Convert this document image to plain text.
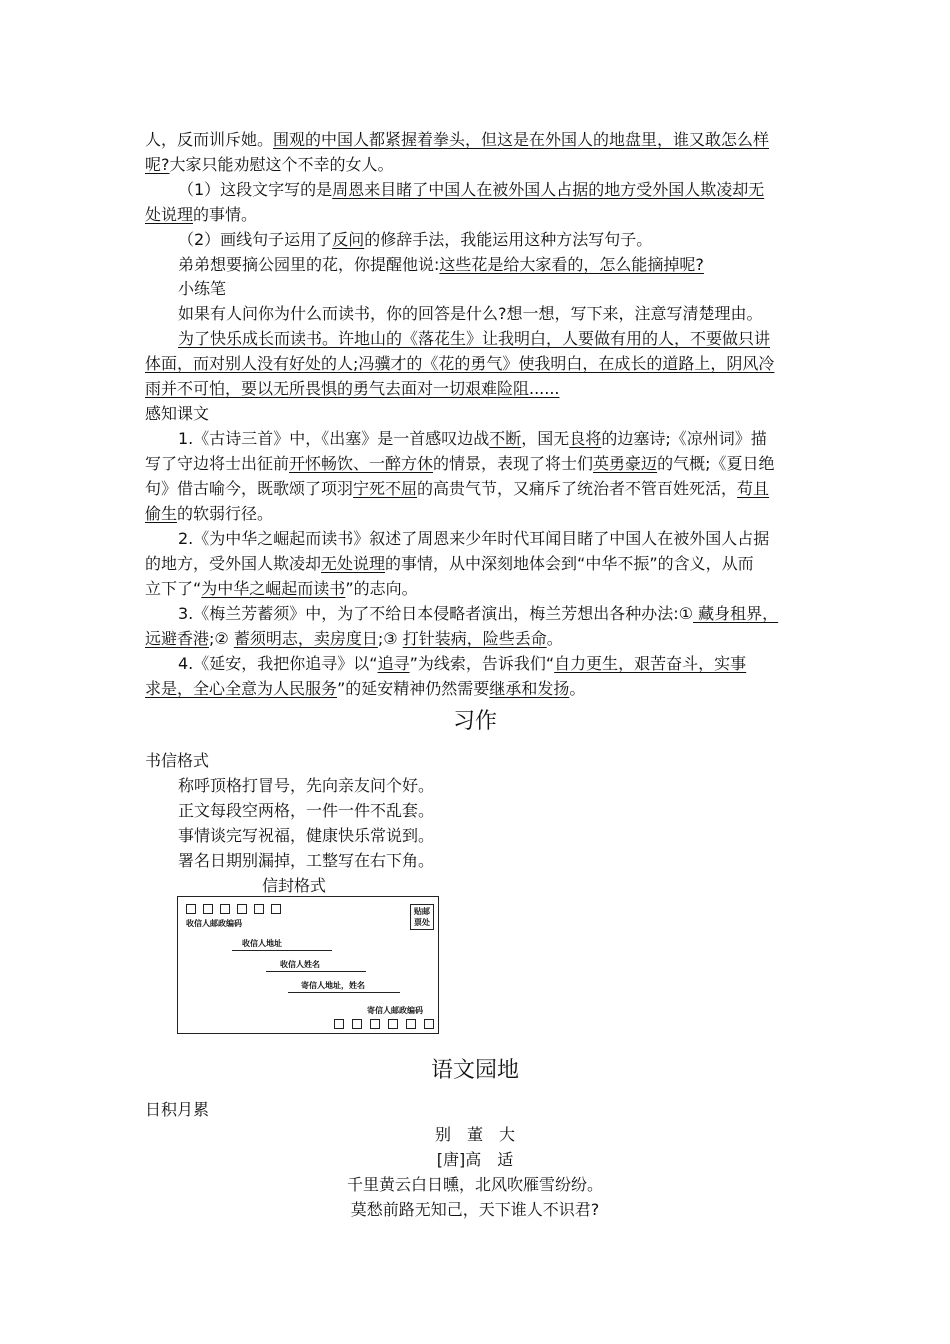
人，反而训斥她。围观的中国人都紧握着拳头，但这是在外国人的地盘里，谁又敢怎么样
呢?大家只能劝慰这个不幸的女人。
（1）这段文字写的是周恩来目睹了中国人在被外国人占据的地方受外国人欺凌却无
处说理的事情。
（2）画线句子运用了反问的修辞手法，我能运用这种方法写句子。
弟弟想要摘公园里的花，你提醒他说:这些花是给大家看的，怎么能摘掉呢?
小练笔
如果有人问你为什么而读书，你的回答是什么?想一想，写下来，注意写清楚理由。
为了快乐成长而读书。许地山的《落花生》让我明白，人要做有用的人，不要做只讲
体面，而对别人没有好处的人;冯骥才的《花的勇气》使我明白，在成长的道路上，阴风冷
雨并不可怕，要以无所畏惧的勇气去面对一切艰难险阻......
感知课文
1.《古诗三首》中，《出塞》是一首感叹边战不断，国无良将的边塞诗;《凉州词》描
写了守边将士出征前开怀畅饮、一醉方休的情景，表现了将士们英勇豪迈的气概;《夏日绝
句》借古喻今，既歌颂了项羽宁死不屈的高贵气节，又痛斥了统治者不管百姓死活，苟且
偷生的软弱行径。
2.《为中华之崛起而读书》叙述了周恩来少年时代耳闻目睹了中国人在被外国人占据
的地方，受外国人欺凌却无处说理的事情，从中深刻地体会到“中华不振”的含义，从而
立下了“为中华之崛起而读书”的志向。
3.《梅兰芳蓄须》中，为了不给日本侵略者演出，梅兰芳想出各种办法:① 藏身租界，
远避香港;② 蓄须明志，卖房度日;③ 打针装病，险些丢命。
4.《延安，我把你追寻》以“追寻”为线索，告诉我们“自力更生，艰苦奋斗，实事
求是，全心全意为人民服务”的延安精神仍然需要继承和发扬。
习作
书信格式
称呼顶格打冒号，先向亲友问个好。
正文每段空两格，一件一件不乱套。
事情谈完写祝福，健康快乐常说到。
署名日期别漏掉，工整写在右下角。
信封格式
收信人邮政编码
贴邮
票处
收信人地址
收信人姓名
寄信人地址，姓名
寄信人邮政编码
语文园地
日积月累
别　董　大
[唐]高　适
千里黄云白日曛，北风吹雁雪纷纷。
莫愁前路无知己，天下谁人不识君?
